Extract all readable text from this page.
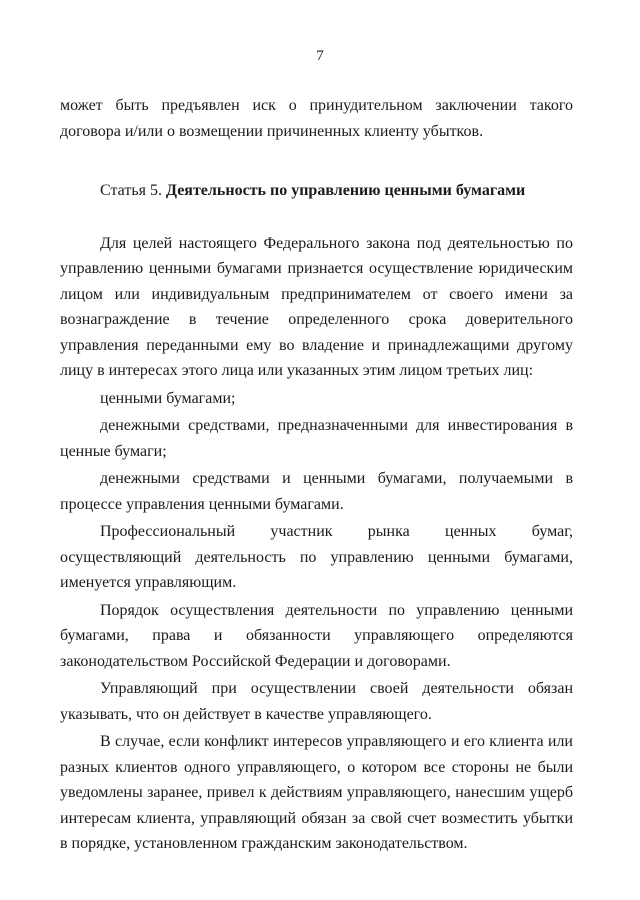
7

может быть предъявлен иск о принудительном заключении такого договора и/или о возмещении причиненных клиенту убытков.

Статья 5. Деятельность по управлению ценными бумагами

Для целей настоящего Федерального закона под деятельностью по управлению ценными бумагами признается осуществление юридическим лицом или индивидуальным предпринимателем от своего имени за вознаграждение в течение определенного срока доверительного управления переданными ему во владение и принадлежащими другому лицу в интересах этого лица или указанных этим лицом третьих лиц:

ценными бумагами;

денежными средствами, предназначенными для инвестирования в ценные бумаги;

денежными средствами и ценными бумагами, получаемыми в процессе управления ценными бумагами.

Профессиональный участник рынка ценных бумаг, осуществляющий деятельность по управлению ценными бумагами, именуется управляющим.

Порядок осуществления деятельности по управлению ценными бумагами, права и обязанности управляющего определяются законодательством Российской Федерации и договорами.

Управляющий при осуществлении своей деятельности обязан указывать, что он действует в качестве управляющего.

В случае, если конфликт интересов управляющего и его клиента или разных клиентов одного управляющего, о котором все стороны не были уведомлены заранее, привел к действиям управляющего, нанесшим ущерб интересам клиента, управляющий обязан за свой счет возместить убытки в порядке, установленном гражданским законодательством.
